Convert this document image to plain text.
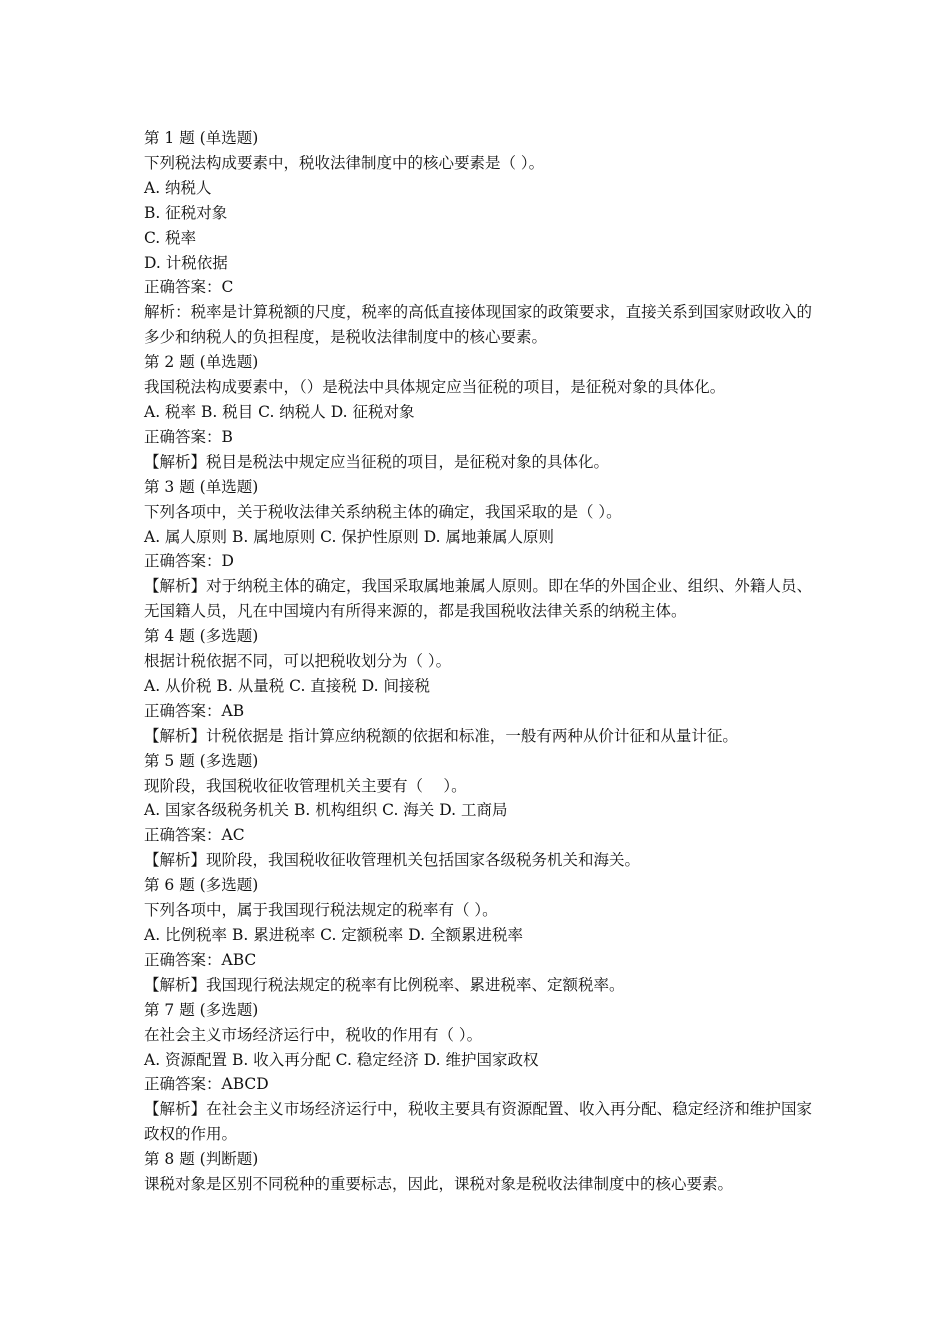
第 1 题 (单选题)
下列税法构成要素中，税收法律制度中的核心要素是（ ）。
A. 纳税人
B. 征税对象
C. 税率
D. 计税依据
正确答案：C
解析：税率是计算税额的尺度，税率的高低直接体现国家的政策要求，直接关系到国家财政收入的多少和纳税人的负担程度，是税收法律制度中的核心要素。
第 2 题 (单选题)
我国税法构成要素中，（）是税法中具体规定应当征税的项目，是征税对象的具体化。
A. 税率 B. 税目 C. 纳税人 D. 征税对象
正确答案：B
【解析】税目是税法中规定应当征税的项目，是征税对象的具体化。
第 3 题 (单选题)
下列各项中，关于税收法律关系纳税主体的确定，我国采取的是（ ）。
A. 属人原则 B. 属地原则 C. 保护性原则 D. 属地兼属人原则
正确答案：D
【解析】对于纳税主体的确定，我国采取属地兼属人原则。即在华的外国企业、组织、外籍人员、无国籍人员，凡在中国境内有所得来源的，都是我国税收法律关系的纳税主体。
第 4 题 (多选题)
根据计税依据不同，可以把税收划分为（ ）。
A. 从价税 B. 从量税 C. 直接税 D. 间接税
正确答案：AB
【解析】计税依据是 指计算应纳税额的依据和标准，一般有两种从价计征和从量计征。
第 5 题 (多选题)
现阶段，我国税收征收管理机关主要有（　 ）。
A. 国家各级税务机关 B. 机构组织 C. 海关 D. 工商局
正确答案：AC
【解析】现阶段，我国税收征收管理机关包括国家各级税务机关和海关。
第 6 题 (多选题)
下列各项中，属于我国现行税法规定的税率有（ ）。
A. 比例税率 B. 累进税率 C. 定额税率 D. 全额累进税率
正确答案：ABC
【解析】我国现行税法规定的税率有比例税率、累进税率、定额税率。
第 7 题 (多选题)
在社会主义市场经济运行中，税收的作用有（ ）。
A. 资源配置 B. 收入再分配 C. 稳定经济 D. 维护国家政权
正确答案：ABCD
【解析】在社会主义市场经济运行中，税收主要具有资源配置、收入再分配、稳定经济和维护国家政权的作用。
第 8 题 (判断题)
课税对象是区别不同税种的重要标志，因此，课税对象是税收法律制度中的核心要素。
